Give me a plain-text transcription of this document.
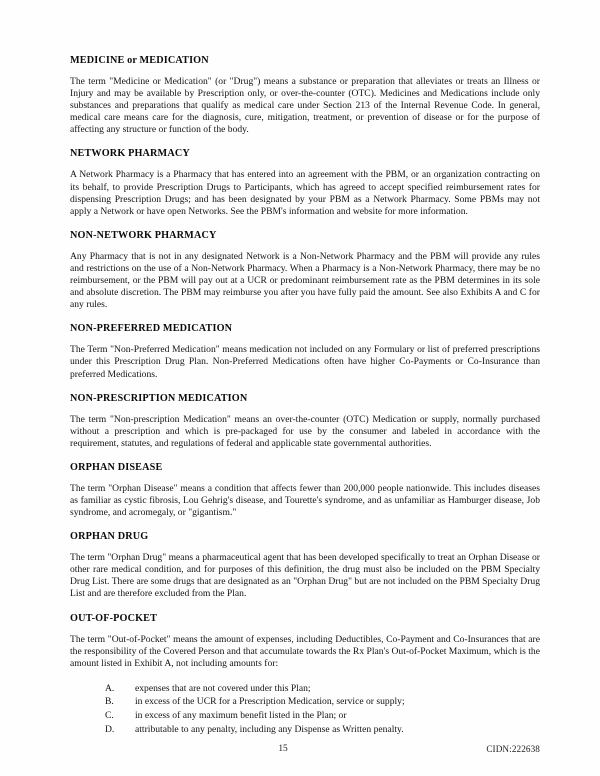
MEDICINE or MEDICATION

The term "Medicine or Medication" (or "Drug") means a substance or preparation that alleviates or treats an Illness or Injury and may be available by Prescription only, or over-the-counter (OTC). Medicines and Medications include only substances and preparations that qualify as medical care under Section 213 of the Internal Revenue Code. In general, medical care means care for the diagnosis, cure, mitigation, treatment, or prevention of disease or for the purpose of affecting any structure or function of the body.

NETWORK PHARMACY

A Network Pharmacy is a Pharmacy that has entered into an agreement with the PBM, or an organization contracting on its behalf, to provide Prescription Drugs to Participants, which has agreed to accept specified reimbursement rates for dispensing Prescription Drugs; and has been designated by your PBM as a Network Pharmacy. Some PBMs may not apply a Network or have open Networks. See the PBM's information and website for more information.

NON-NETWORK PHARMACY

Any Pharmacy that is not in any designated Network is a Non-Network Pharmacy and the PBM will provide any rules and restrictions on the use of a Non-Network Pharmacy. When a Pharmacy is a Non-Network Pharmacy, there may be no reimbursement, or the PBM will pay out at a UCR or predominant reimbursement rate as the PBM determines in its sole and absolute discretion. The PBM may reimburse you after you have fully paid the amount. See also Exhibits A and C for any rules.

NON-PREFERRED MEDICATION

The Term "Non-Preferred Medication" means medication not included on any Formulary or list of preferred prescriptions under this Prescription Drug Plan. Non-Preferred Medications often have higher Co-Payments or Co-Insurance than preferred Medications.

NON-PRESCRIPTION MEDICATION

The term "Non-prescription Medication" means an over-the-counter (OTC) Medication or supply, normally purchased without a prescription and which is pre-packaged for use by the consumer and labeled in accordance with the requirement, statutes, and regulations of federal and applicable state governmental authorities.

ORPHAN DISEASE

The term "Orphan Disease" means a condition that affects fewer than 200,000 people nationwide. This includes diseases as familiar as cystic fibrosis, Lou Gehrig's disease, and Tourette's syndrome, and as unfamiliar as Hamburger disease, Job syndrome, and acromegaly, or "gigantism."

ORPHAN DRUG

The term "Orphan Drug" means a pharmaceutical agent that has been developed specifically to treat an Orphan Disease or other rare medical condition, and for purposes of this definition, the drug must also be included on the PBM Specialty Drug List. There are some drugs that are designated as an "Orphan Drug" but are not included on the PBM Specialty Drug List and are therefore excluded from the Plan.

OUT-OF-POCKET

The term "Out-of-Pocket" means the amount of expenses, including Deductibles, Co-Payment and Co-Insurances that are the responsibility of the Covered Person and that accumulate towards the Rx Plan's Out-of-Pocket Maximum, which is the amount listed in Exhibit A, not including amounts for:

A.	expenses that are not covered under this Plan;
B.	in excess of the UCR for a Prescription Medication, service or supply;
C.	in excess of any maximum benefit listed in the Plan; or
D.	attributable to any penalty, including any Dispense as Written penalty.
15	CIDN:222638
